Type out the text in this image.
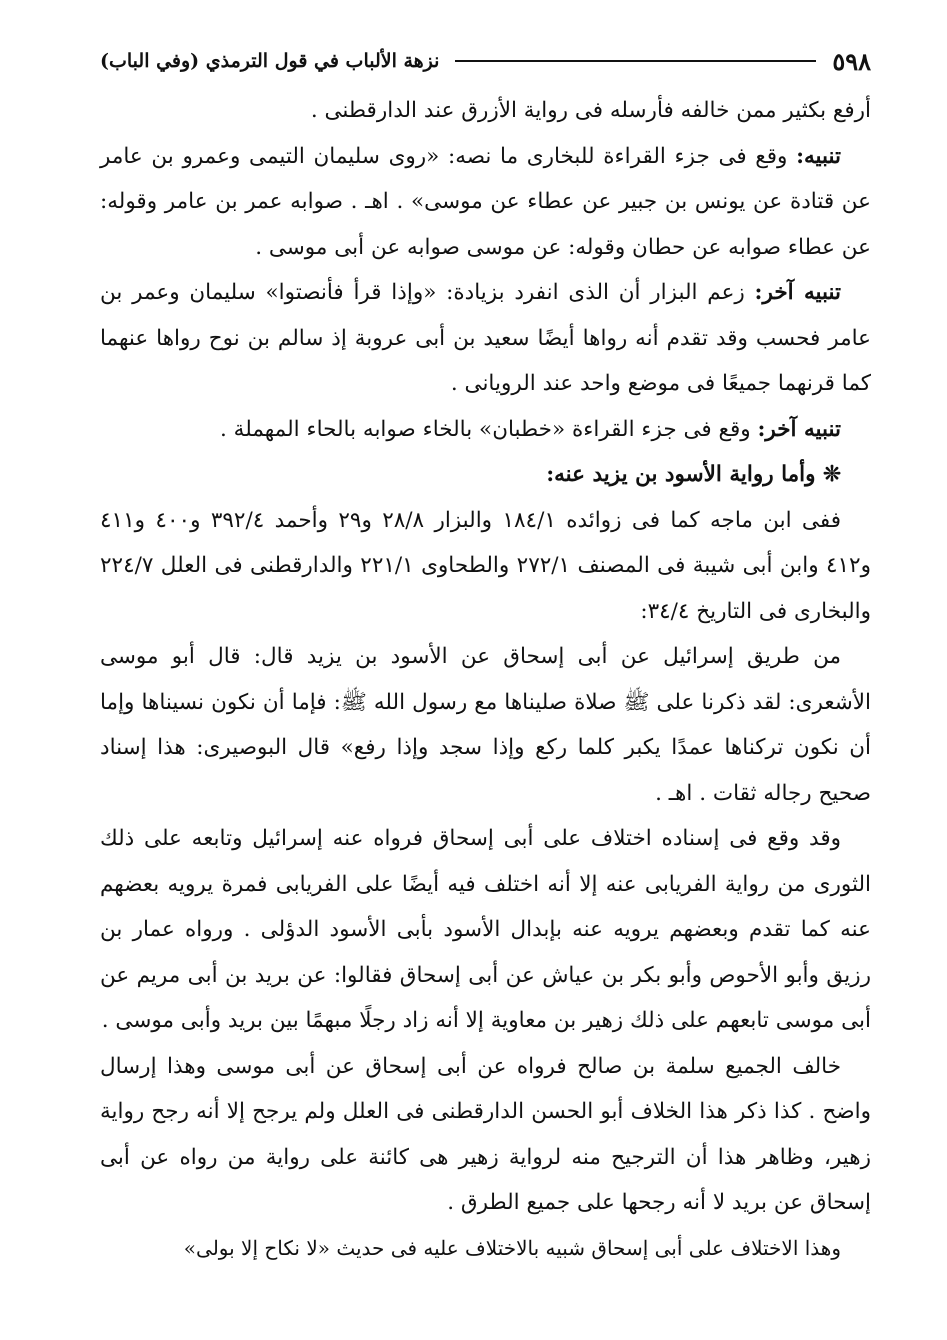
٥٩٨
نزهة الألباب في قول الترمذي (وفي الباب)

أرفع بكثير ممن خالفه فأرسله فى رواية الأزرق عند الدارقطنى .

تنبيه: وقع فى جزء القراءة للبخارى ما نصه: «روى سليمان التيمى وعمرو بن عامر عن قتادة عن يونس بن جبير عن عطاء عن موسى» . اهـ . صوابه عمر بن عامر وقوله: عن عطاء صوابه عن حطان وقوله: عن موسى صوابه عن أبى موسى .

تنبيه آخر: زعم البزار أن الذى انفرد بزيادة: «وإذا قرأ فأنصتوا» سليمان وعمر بن عامر فحسب وقد تقدم أنه رواها أيضًا سعيد بن أبى عروبة إذ سالم بن نوح رواها عنهما كما قرنهما جميعًا فى موضع واحد عند الرويانى .

تنبيه آخر: وقع فى جزء القراءة «خطبان» بالخاء صوابه بالحاء المهملة .

❊ وأما رواية الأسود بن يزيد عنه:

ففى ابن ماجه كما فى زوائده ١٨٤/١ والبزار ٢٨/٨ و٢٩ وأحمد ٣٩٢/٤ و٤٠٠ و٤١١ و٤١٢ وابن أبى شيبة فى المصنف ٢٧٢/١ والطحاوى ٢٢١/١ والدارقطنى فى العلل ٢٢٤/٧ والبخارى فى التاريخ ٣٤/٤:

من طريق إسرائيل عن أبى إسحاق عن الأسود بن يزيد قال: قال أبو موسى الأشعرى: لقد ذكرنا على ﷺ صلاة صليناها مع رسول الله ﷺ: فإما أن نكون نسيناها وإما أن نكون تركناها عمدًا يكبر كلما ركع وإذا سجد وإذا رفع» قال البوصيرى: هذا إسناد صحيح رجاله ثقات . اهـ .

وقد وقع فى إسناده اختلاف على أبى إسحاق فرواه عنه إسرائيل وتابعه على ذلك الثورى من رواية الفريابى عنه إلا أنه اختلف فيه أيضًا على الفريابى فمرة يرويه بعضهم عنه كما تقدم وبعضهم يرويه عنه بإبدال الأسود بأبى الأسود الدؤلى . ورواه عمار بن رزيق وأبو الأحوص وأبو بكر بن عياش عن أبى إسحاق فقالوا: عن بريد بن أبى مريم عن أبى موسى تابعهم على ذلك زهير بن معاوية إلا أنه زاد رجلًا مبهمًا بين بريد وأبى موسى .

خالف الجميع سلمة بن صالح فرواه عن أبى إسحاق عن أبى موسى وهذا إرسال واضح . كذا ذكر هذا الخلاف أبو الحسن الدارقطنى فى العلل ولم يرجح إلا أنه رجح رواية زهير، وظاهر هذا أن الترجيح منه لرواية زهير هى كائنة على رواية من رواه عن أبى إسحاق عن بريد لا أنه رجحها على جميع الطرق .

وهذا الاختلاف على أبى إسحاق شبيه بالاختلاف عليه فى حديث «لا نكاح إلا بولى»
